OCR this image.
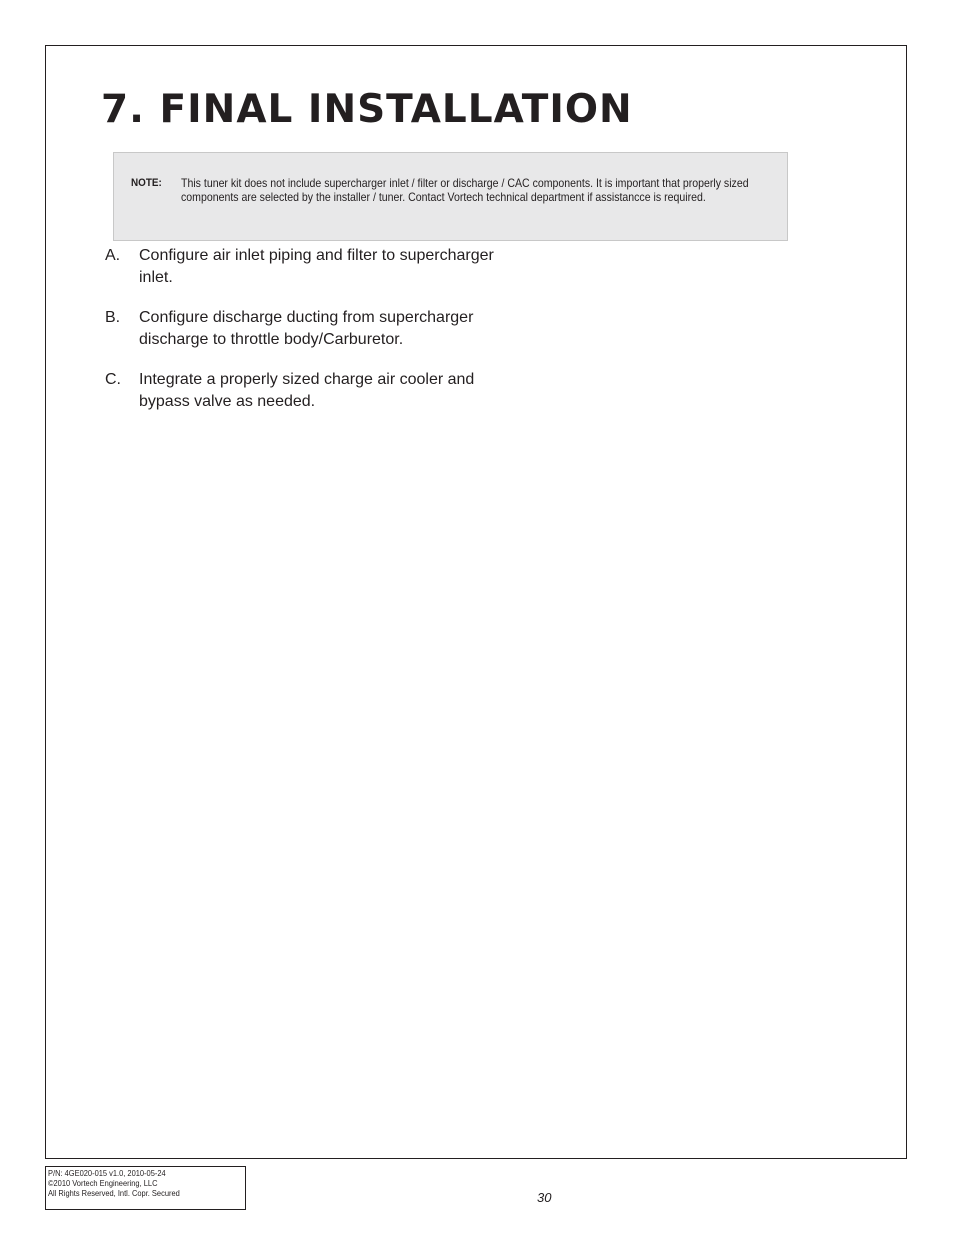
7. FINAL INSTALLATION
NOTE: This tuner kit does not include supercharger inlet / filter or discharge / CAC components. It is important that properly sized components are selected by the installer / tuner. Contact Vortech technical department if assistancce is required.
A. Configure air inlet piping and filter to supercharger inlet.
B. Configure discharge ducting from supercharger discharge to throttle body/Carburetor.
C. Integrate a properly sized charge air cooler and bypass valve as needed.
P/N: 4GE020-015 v1.0, 2010-05-24
©2010 Vortech Engineering, LLC
All Rights Reserved, Intl. Copr. Secured	30
